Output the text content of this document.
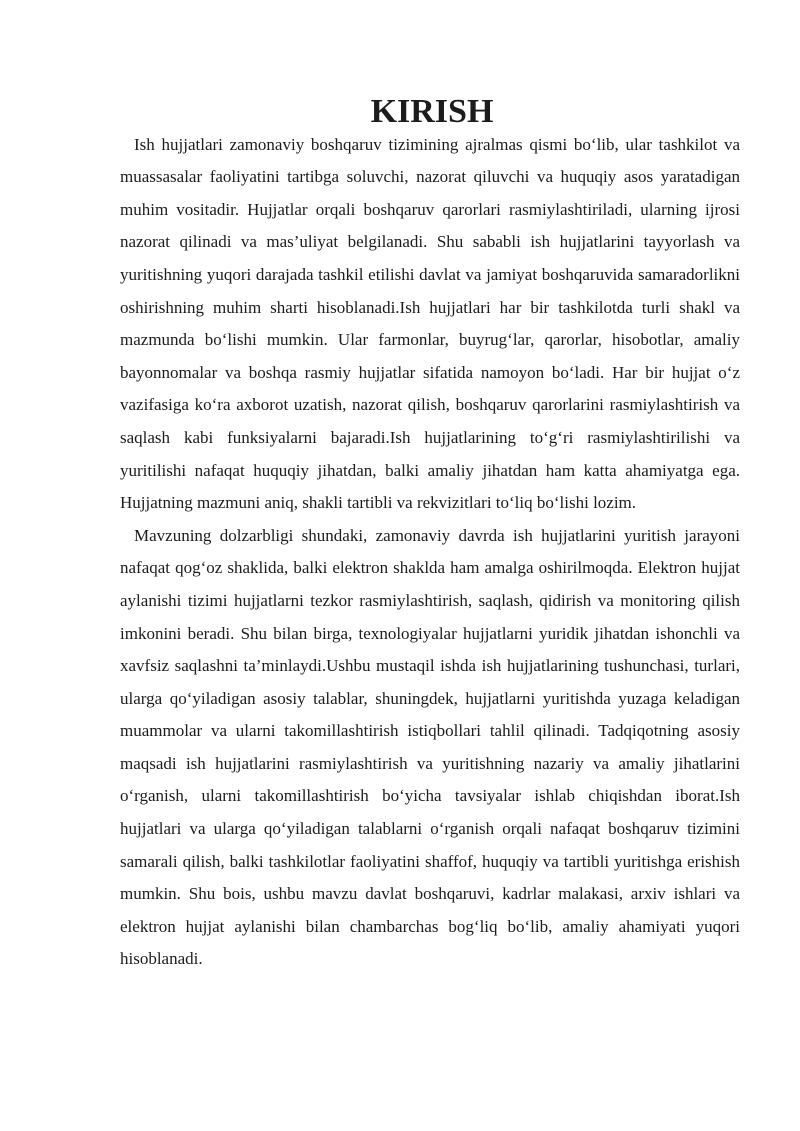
KIRISH

Ish hujjatlari zamonaviy boshqaruv tizimining ajralmas qismi bo‘lib, ular tashkilot va muassasalar faoliyatini tartibga soluvchi, nazorat qiluvchi va huquqiy asos yaratadigan muhim vositadir. Hujjatlar orqali boshqaruv qarorlari rasmiylashtiriladi, ularning ijrosi nazorat qilinadi va mas’uliyat belgilanadi. Shu sababli ish hujjatlarini tayyorlash va yuritishning yuqori darajada tashkil etilishi davlat va jamiyat boshqaruvida samaradorlikni oshirishning muhim sharti hisoblanadi.Ish hujjatlari har bir tashkilotda turli shakl va mazmunda bo‘lishi mumkin. Ular farmonlar, buyrug‘lar, qarorlar, hisobotlar, amaliy bayonnomalar va boshqa rasmiy hujjatlar sifatida namoyon bo‘ladi. Har bir hujjat o‘z vazifasiga ko‘ra axborot uzatish, nazorat qilish, boshqaruv qarorlarini rasmiylashtirish va saqlash kabi funksiyalarni bajaradi.Ish hujjatlarining to‘g‘ri rasmiylashtirilishi va yuritilishi nafaqat huquqiy jihatdan, balki amaliy jihatdan ham katta ahamiyatga ega. Hujjatning mazmuni aniq, shakli tartibli va rekvizitlari to‘liq bo‘lishi lozim.

Mavzuning dolzarbligi shundaki, zamonaviy davrda ish hujjatlarini yuritish jarayoni nafaqat qog‘oz shaklida, balki elektron shaklda ham amalga oshirilmoqda. Elektron hujjat aylanishi tizimi hujjatlarni tezkor rasmiylashtirish, saqlash, qidirish va monitoring qilish imkonini beradi. Shu bilan birga, texnologiyalar hujjatlarni yuridik jihatdan ishonchli va xavfsiz saqlashni ta’minlaydi.Ushbu mustaqil ishda ish hujjatlarining tushunchasi, turlari, ularga qo‘yiladigan asosiy talablar, shuningdek, hujjatlarni yuritishda yuzaga keladigan muammolar va ularni takomillashtirish istiqbollari tahlil qilinadi. Tadqiqotning asosiy maqsadi ish hujjatlarini rasmiylashtirish va yuritishning nazariy va amaliy jihatlarini o‘rganish, ularni takomillashtirish bo‘yicha tavsiyalar ishlab chiqishdan iborat.Ish hujjatlari va ularga qo‘yiladigan talablarni o‘rganish orqali nafaqat boshqaruv tizimini samarali qilish, balki tashkilotlar faoliyatini shaffof, huquqiy va tartibli yuritishga erishish mumkin. Shu bois, ushbu mavzu davlat boshqaruvi, kadrlar malakasi, arxiv ishlari va elektron hujjat aylanishi bilan chambarchas bog‘liq bo‘lib, amaliy ahamiyati yuqori hisoblanadi.
